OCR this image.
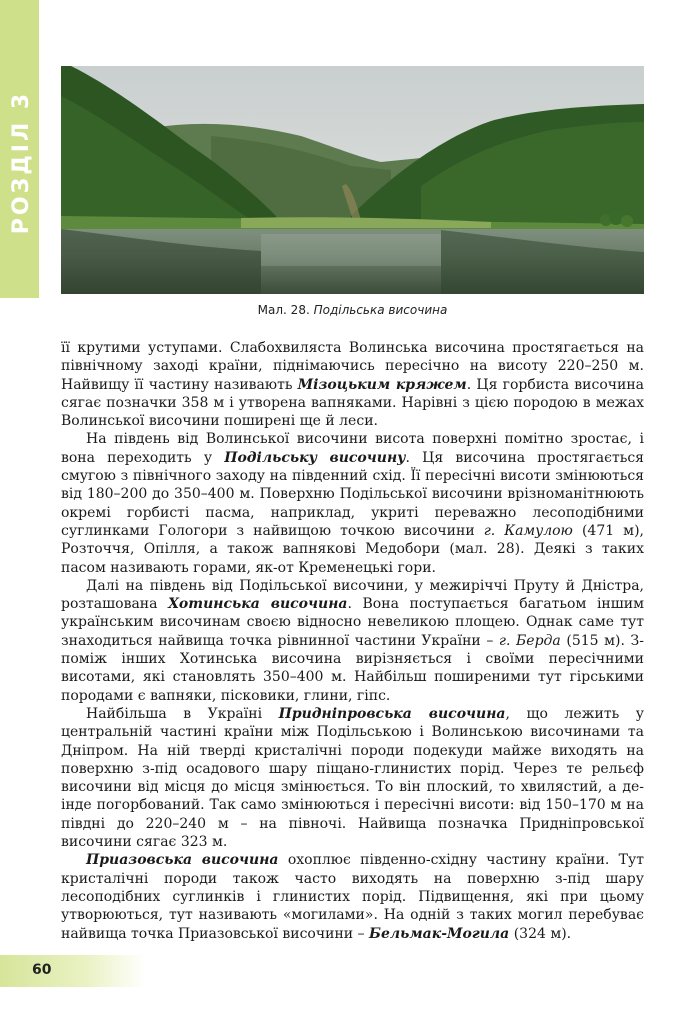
РОЗДІЛ 3
Мал. 28. Подільська височина

її крутими уступами. Слабохвиляста Волинська височина простягається на північному заході країни, піднімаючись пересічно на висоту 220–250 м. Найвищу її частину називають Мізоцьким кряжем. Ця горбиста височина сягає позначки 358 м і утворена вапняками. Нарівні з цією породою в межах Волинської височини поширені ще й леси.

На південь від Волинської височини висота поверхні помітно зростає, і вона переходить у Подільську височину. Ця височина простягається смугою з північного заходу на південний схід. Її пересічні висоти змінюються від 180–200 до 350–400 м. Поверхню Подільської височини врізноманітнюють окремі горбисті пасма, наприклад, укриті переважно лесоподібними суглинками Гологори з найвищою точкою височини г. Камулою (471 м), Розточчя, Опілля, а також вапнякові Медобори (мал. 28). Деякі з таких пасом називають горами, як-от Кременецькі гори.

Далі на південь від Подільської височини, у межиріччі Пруту й Дністра, розташована Хотинська височина. Вона поступається багатьом іншим українським височинам своєю відносно невеликою площею. Однак саме тут знаходиться найвища точка рівнинної частини України – г. Берда (515 м). З-поміж інших Хотинська височина вирізняється і своїми пересічними висотами, які становлять 350–400 м. Найбільш поширеними тут гірськими породами є вапняки, пісковики, глини, гіпс.

Найбільша в Україні Придніпровська височина, що лежить у центральній частині країни між Подільською і Волинською височинами та Дніпром. На ній тверді кристалічні породи подекуди майже виходять на поверхню з-під осадового шару піщано-глинистих порід. Через те рельєф височини від місця до місця змінюється. То він плоский, то хвилястий, а де-інде погорбований. Так само змінюються і пересічні висоти: від 150–170 м на півдні до 220–240 м – на півночі. Найвища позначка Придніпровської височини сягає 323 м.

Приазовська височина охоплює південно-східну частину країни. Тут кристалічні породи також часто виходять на поверхню з-під шару лесоподібних суглинків і глинистих порід. Підвищення, які при цьому утворюються, тут називають «могилами». На одній з таких могил перебуває найвища точка Приазовської височини – Бельмак-Могила (324 м).

60
